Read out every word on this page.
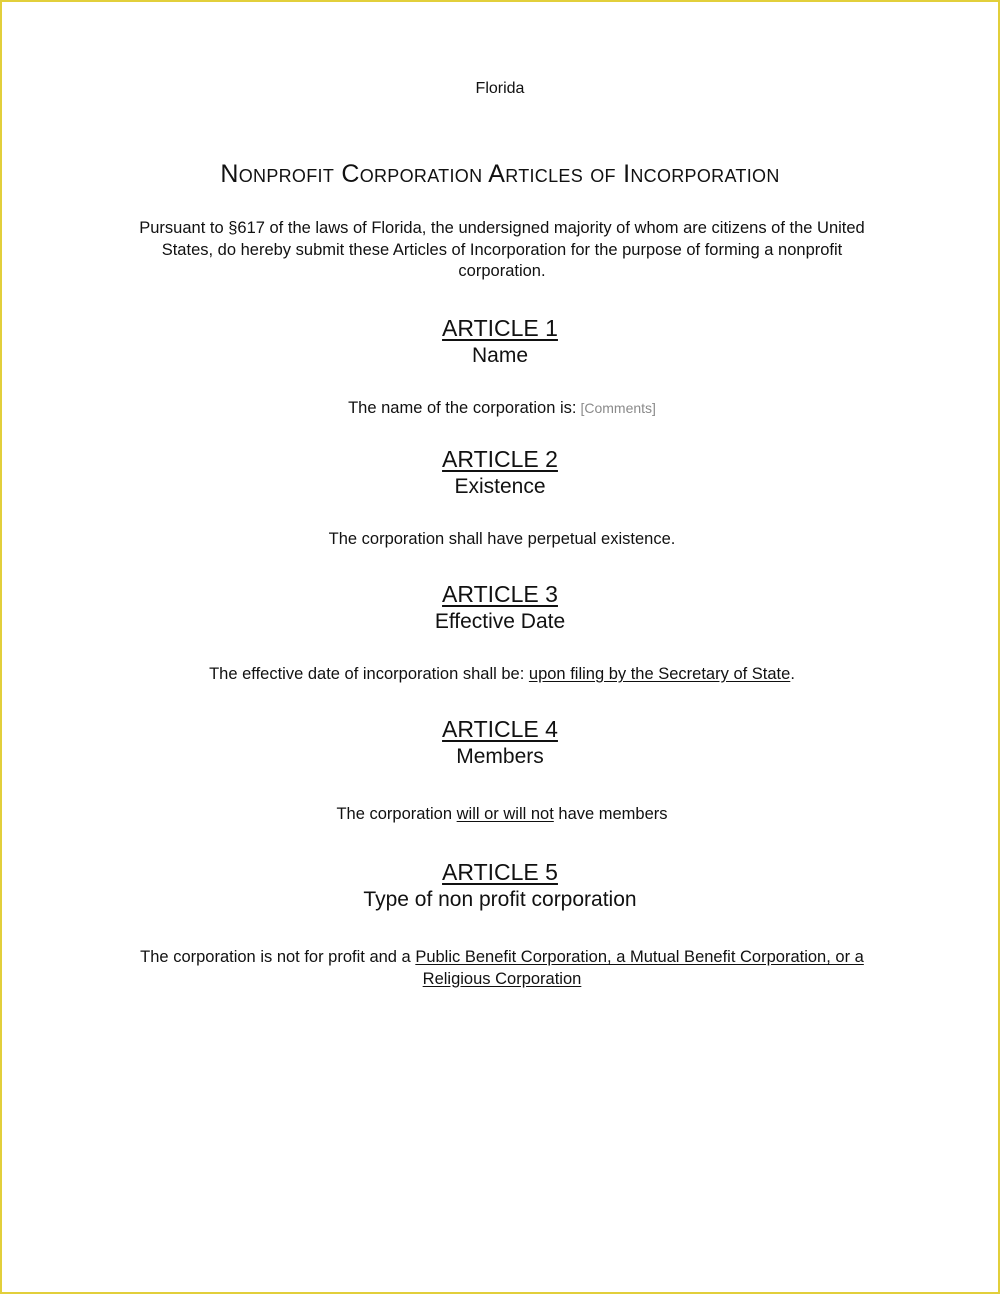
Florida
Nonprofit Corporation Articles of Incorporation

Pursuant to §617 of the laws of Florida, the undersigned majority of whom are citizens of the United States, do hereby submit these Articles of Incorporation for the purpose of forming a nonprofit corporation.

ARTICLE 1
Name

The name of the corporation is: [Comments]

ARTICLE 2
Existence

The corporation shall have perpetual existence.

ARTICLE 3
Effective Date

The effective date of incorporation shall be: upon filing by the Secretary of State.

ARTICLE 4
Members

The corporation will or will not have members

ARTICLE 5
Type of non profit corporation

The corporation is not for profit and a Public Benefit Corporation, a Mutual Benefit Corporation, or a Religious Corporation
